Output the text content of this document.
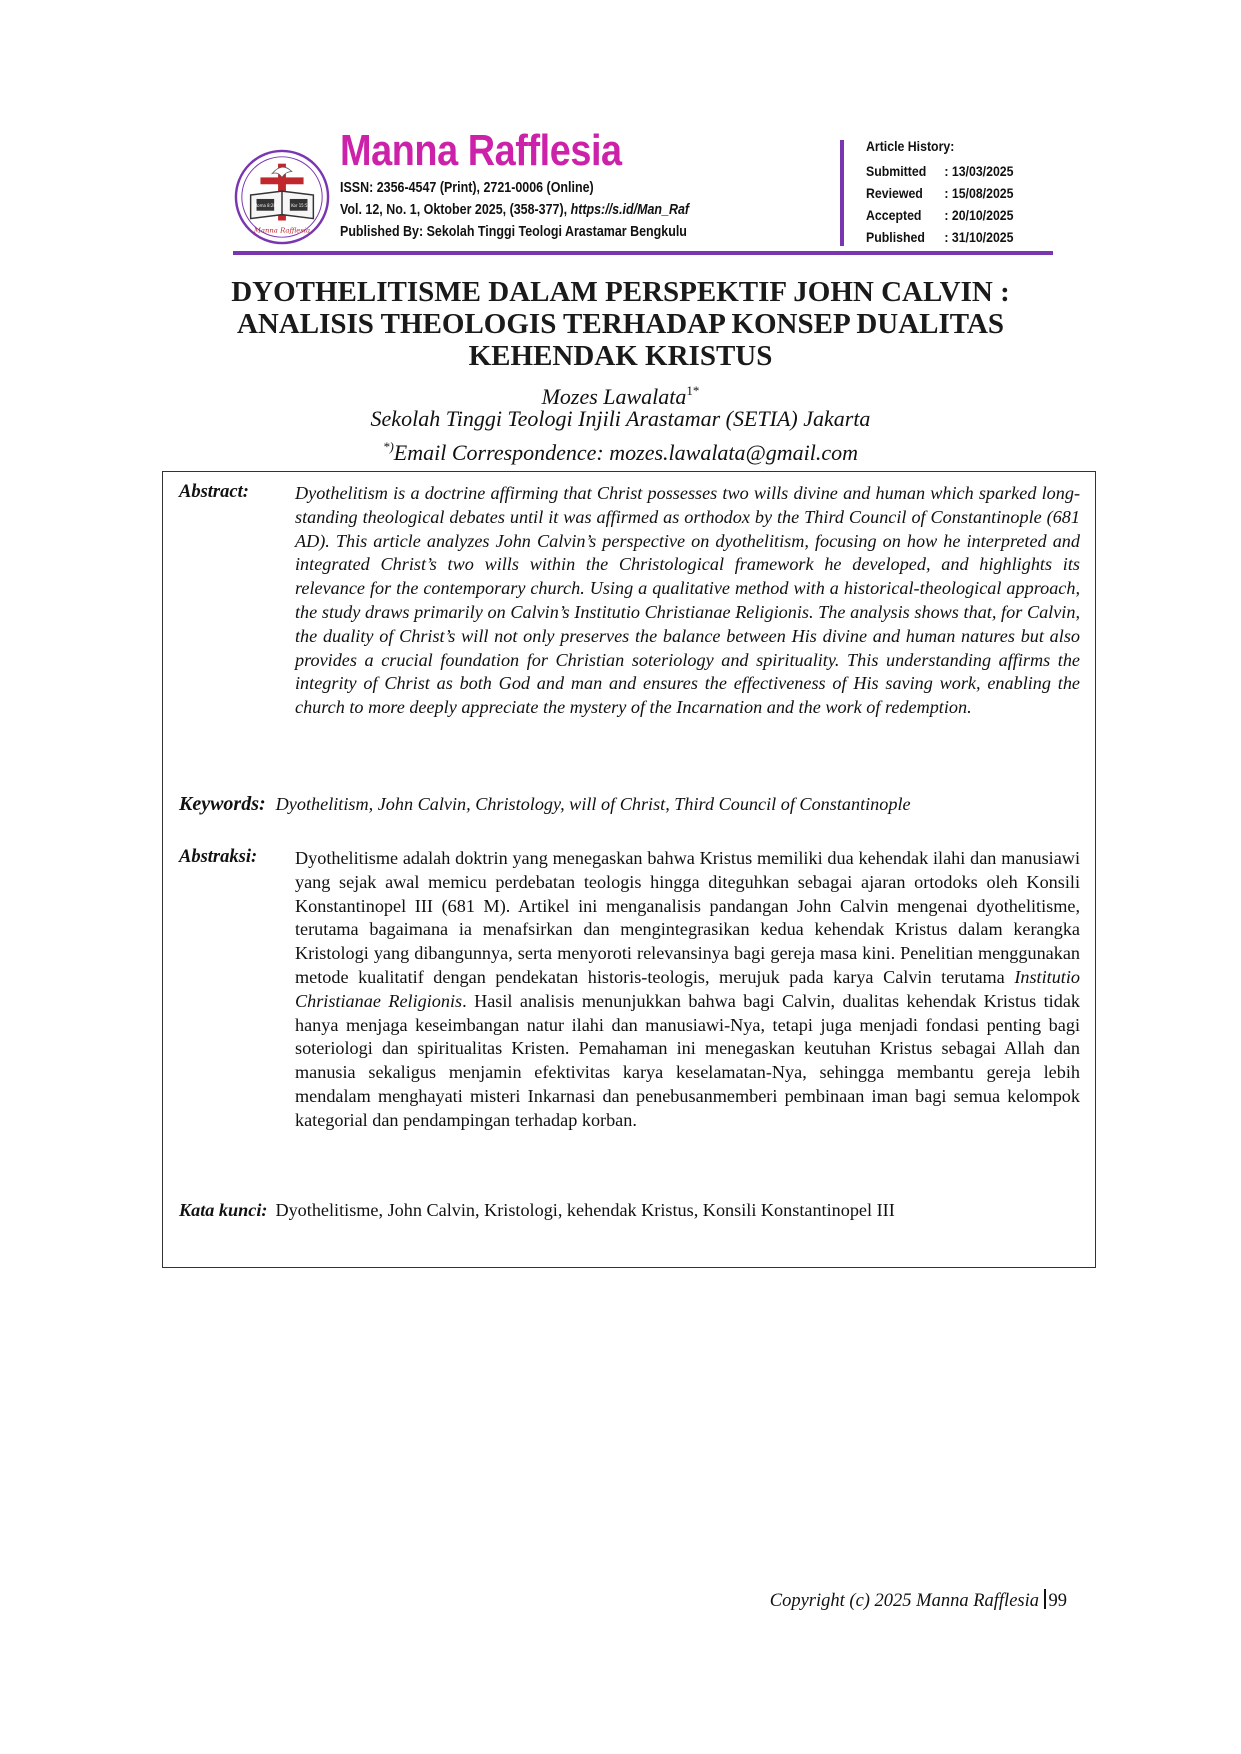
Roma 8:28	1 Kor 15:58
Manna Rafflesia
Manna Rafflesia
ISSN: 2356-4547 (Print), 2721-0006 (Online)
Vol. 12, No. 1, Oktober 2025, (358-377), https://s.id/Man_Raf
Published By: Sekolah Tinggi Teologi Arastamar Bengkulu
Article History:
Submitted	: 13/03/2025
Reviewed	: 15/08/2025
Accepted	: 20/10/2025
Published	: 31/10/2025
DYOTHELITISME DALAM PERSPEKTIF JOHN CALVIN :
ANALISIS THEOLOGIS TERHADAP KONSEP DUALITAS
KEHENDAK KRISTUS
Mozes Lawalata$^{1*}$
Sekolah Tinggi Teologi Injili Arastamar (SETIA) Jakarta
*)Email Correspondence: mozes.lawalata@gmail.com
Abstract:	Dyothelitism is a doctrine affirming that Christ possesses two wills divine and human which sparked long-standing theological debates until it was affirmed as orthodox by the Third Council of Constantinople (681 AD). This article analyzes John Calvin’s perspective on dyothelitism, focusing on how he interpreted and integrated Christ’s two wills within the Christological framework he developed, and highlights its relevance for the contemporary church. Using a qualitative method with a historical-theological approach, the study draws primarily on Calvin’s Institutio Christianae Religionis. The analysis shows that, for Calvin, the duality of Christ’s will not only preserves the balance between His divine and human natures but also provides a crucial foundation for Christian soteriology and spirituality. This understanding affirms the integrity of Christ as both God and man and ensures the effectiveness of His saving work, enabling the church to more deeply appreciate the mystery of the Incarnation and the work of redemption.

Keywords: Dyothelitism, John Calvin, Christology, will of Christ, Third Council of Constantinople
Abstraksi: Dyothelitisme adalah doktrin yang menegaskan bahwa Kristus memiliki dua kehendak ilahi dan manusiawi yang sejak awal memicu perdebatan teologis hingga diteguhkan sebagai ajaran ortodoks oleh Konsili Konstantinopel III (681 M). Artikel ini menganalisis pandangan John Calvin mengenai dyothelitisme, terutama bagaimana ia menafsirkan dan mengintegrasikan kedua kehendak Kristus dalam kerangka Kristologi yang dibangunnya, serta menyoroti relevansinya bagi gereja masa kini. Penelitian menggunakan metode kualitatif dengan pendekatan historis-teologis, merujuk pada karya Calvin terutama Institutio Christianae Religionis. Hasil analisis menunjukkan bahwa bagi Calvin, dualitas kehendak Kristus tidak hanya menjaga keseimbangan natur ilahi dan manusiawi-Nya, tetapi juga menjadi fondasi penting bagi soteriologi dan spiritualitas Kristen. Pemahaman ini menegaskan keutuhan Kristus sebagai Allah dan manusia sekaligus menjamin efektivitas karya keselamatan-Nya, sehingga membantu gereja lebih mendalam menghayati misteri Inkarnasi dan penebusanmemberi pembinaan iman bagi semua kelompok kategorial dan pendampingan terhadap korban.

Kata kunci: Dyothelitisme, John Calvin, Kristologi, kehendak Kristus, Konsili Konstantinopel III
Copyright (c) 2025 Manna Rafflesia 99
